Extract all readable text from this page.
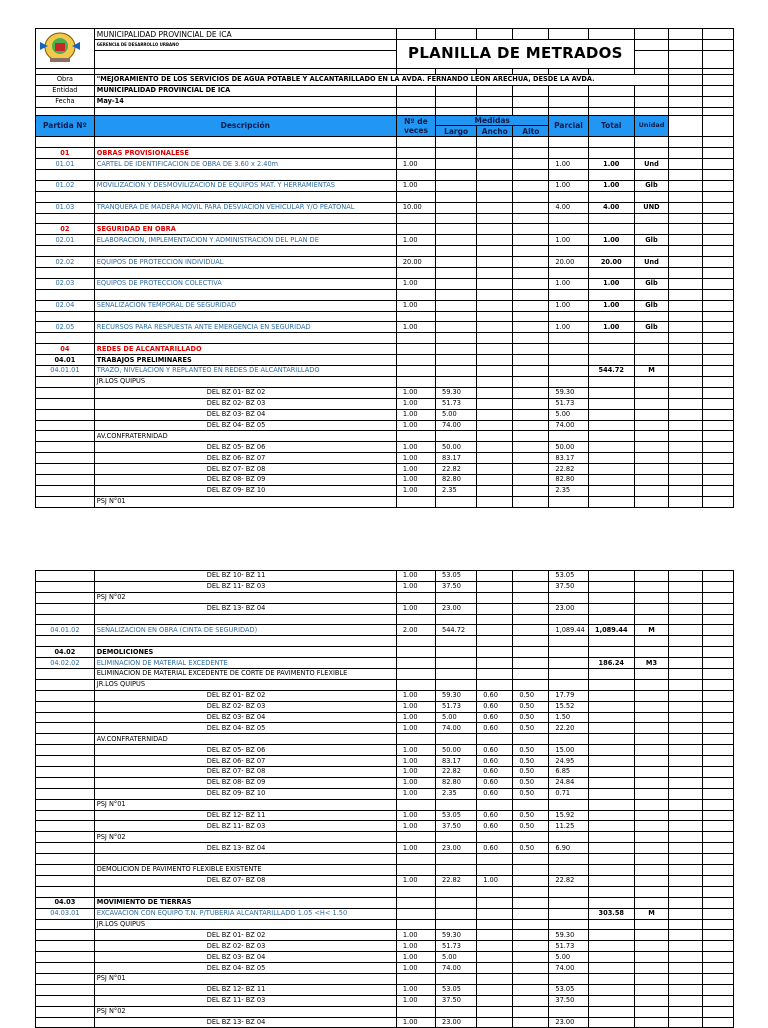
	MUNICIPALIDAD PROVINCIAL DE ICA									
	GERENCIA DE DESARROLLO URBANO	PLANILLA DE METRADOS								

Obra	"MEJORAMIENTO DE LOS SERVICIOS DE AGUA POTABLE Y ALCANTARILLADO EN LA AVDA. FERNANDO LEON ARECHUA, DESDE LA AVDA.									
Entidad	MUNICIPALIDAD PROVINCIAL DE ICA									
Fecha	May-14									

Partida Nº	Descripción	Nº de veces	Medidas			Parcial	Total	Unidad		
			Largo	Ancho	Alto					

01	OBRAS PROVISIONALESE									
01.01	CARTEL DE IDENTIFICACION DE OBRA DE 3.60 x 2.40m	1.00				1.00	1.00	Und		

01.02	MOVILIZACION Y DESMOVILIZACION DE EQUIPOS MAT. Y HERRAMIENTAS	1.00				1.00	1.00	Glb		

01.03	TRANQUERA DE MADERA MOVIL PARA DESVIACION VEHICULAR Y/O PEATONAL	10.00				4.00	4.00	UND		

02	SEGURIDAD EN OBRA									
02.01	ELABORACION, IMPLEMENTACION Y ADMINISTRACION DEL PLAN DE	1.00				1.00	1.00	Glb		

02.02	EQUIPOS DE PROTECCION INDIVIDUAL	20.00				20.00	20.00	Und		

02.03	EQUIPOS DE PROTECCION COLECTIVA	1.00				1.00	1.00	Glb		

02.04	SEÑALIZACION TEMPORAL DE SEGURIDAD	1.00				1.00	1.00	Glb		

02.05	RECURSOS PARA RESPUESTA ANTE EMERGENCIA EN SEGURIDAD	1.00				1.00	1.00	Glb		

04	REDES DE ALCANTARILLADO									
04.01	TRABAJOS PRELIMINARES									
04.01.01	TRAZO, NIVELACION Y REPLANTEO EN REDES DE ALCANTARILLADO						544.72	M		
	JR.LOS QUIPUS									
	DEL BZ 01- BZ 02	1.00	59.30			59.30				
	DEL BZ 02- BZ 03	1.00	51.73			51.73				
	DEL BZ 03- BZ 04	1.00	5.00			5.00				
	DEL BZ 04- BZ 05	1.00	74.00			74.00				
	AV.CONFRATERNIDAD									
	DEL BZ 05- BZ 06	1.00	50.00			50.00				
	DEL BZ 06- BZ 07	1.00	83.17			83.17				
	DEL BZ 07- BZ 08	1.00	22.82			22.82				
	DEL BZ 08- BZ 09	1.00	82.80			82.80				
	DEL BZ 09- BZ 10	1.00	2.35			2.35				
	PSJ N°01									
	DEL BZ 10- BZ 11	1.00	53.05			53.05				
	DEL BZ 11- BZ 03	1.00	37.50			37.50				
	PSJ N°02									
	DEL BZ 13- BZ 04	1.00	23.00			23.00				

04.01.02	SEÑALIZACION EN OBRA (CINTA DE SEGURIDAD)	2.00	544.72			1,089.44	1,089.44	M		

04.02	DEMOLICIONES									
04.02.02	ELIMINACION DE MATERIAL EXCEDENTE						186.24	M3		
	ELIMINACION DE MATERIAL EXCEDENTE DE CORTE DE PAVIMENTO FLEXIBLE									
	JR.LOS QUIPUS									
	DEL BZ 01- BZ 02	1.00	59.30	0.60	0.50	17.79				
	DEL BZ 02- BZ 03	1.00	51.73	0.60	0.50	15.52				
	DEL BZ 03- BZ 04	1.00	5.00	0.60	0.50	1.50				
	DEL BZ 04- BZ 05	1.00	74.00	0.60	0.50	22.20				
	AV.CONFRATERNIDAD									
	DEL BZ 05- BZ 06	1.00	50.00	0.60	0.50	15.00				
	DEL BZ 06- BZ 07	1.00	83.17	0.60	0.50	24.95				
	DEL BZ 07- BZ 08	1.00	22.82	0.60	0.50	6.85				
	DEL BZ 08- BZ 09	1.00	82.80	0.60	0.50	24.84				
	DEL BZ 09- BZ 10	1.00	2.35	0.60	0.50	0.71				
	PSJ N°01									
	DEL BZ 12- BZ 11	1.00	53.05	0.60	0.50	15.92				
	DEL BZ 11- BZ 03	1.00	37.50	0.60	0.50	11.25				
	PSJ N°02									
	DEL BZ 13- BZ 04	1.00	23.00	0.60	0.50	6.90				

	DEMOLICION DE PAVIMENTO FLEXIBLE EXISTENTE									
	DEL BZ 07- BZ 08	1.00	22.82	1.00		22.82				

04.03	MOVIMIENTO DE TIERRAS									
04.03.01	EXCAVACION CON EQUIPO T.N. P/TUBERIA ALCANTARILLADO 1.05 <H< 1.50						303.58	M		
	JR.LOS QUIPUS									
	DEL BZ 01- BZ 02	1.00	59.30			59.30				
	DEL BZ 02- BZ 03	1.00	51.73			51.73				
	DEL BZ 03- BZ 04	1.00	5.00			5.00				
	DEL BZ 04- BZ 05	1.00	74.00			74.00				
	PSJ N°01									
	DEL BZ 12- BZ 11	1.00	53.05			53.05				
	DEL BZ 11- BZ 03	1.00	37.50			37.50				
	PSJ N°02									
	DEL BZ 13- BZ 04	1.00	23.00			23.00				
